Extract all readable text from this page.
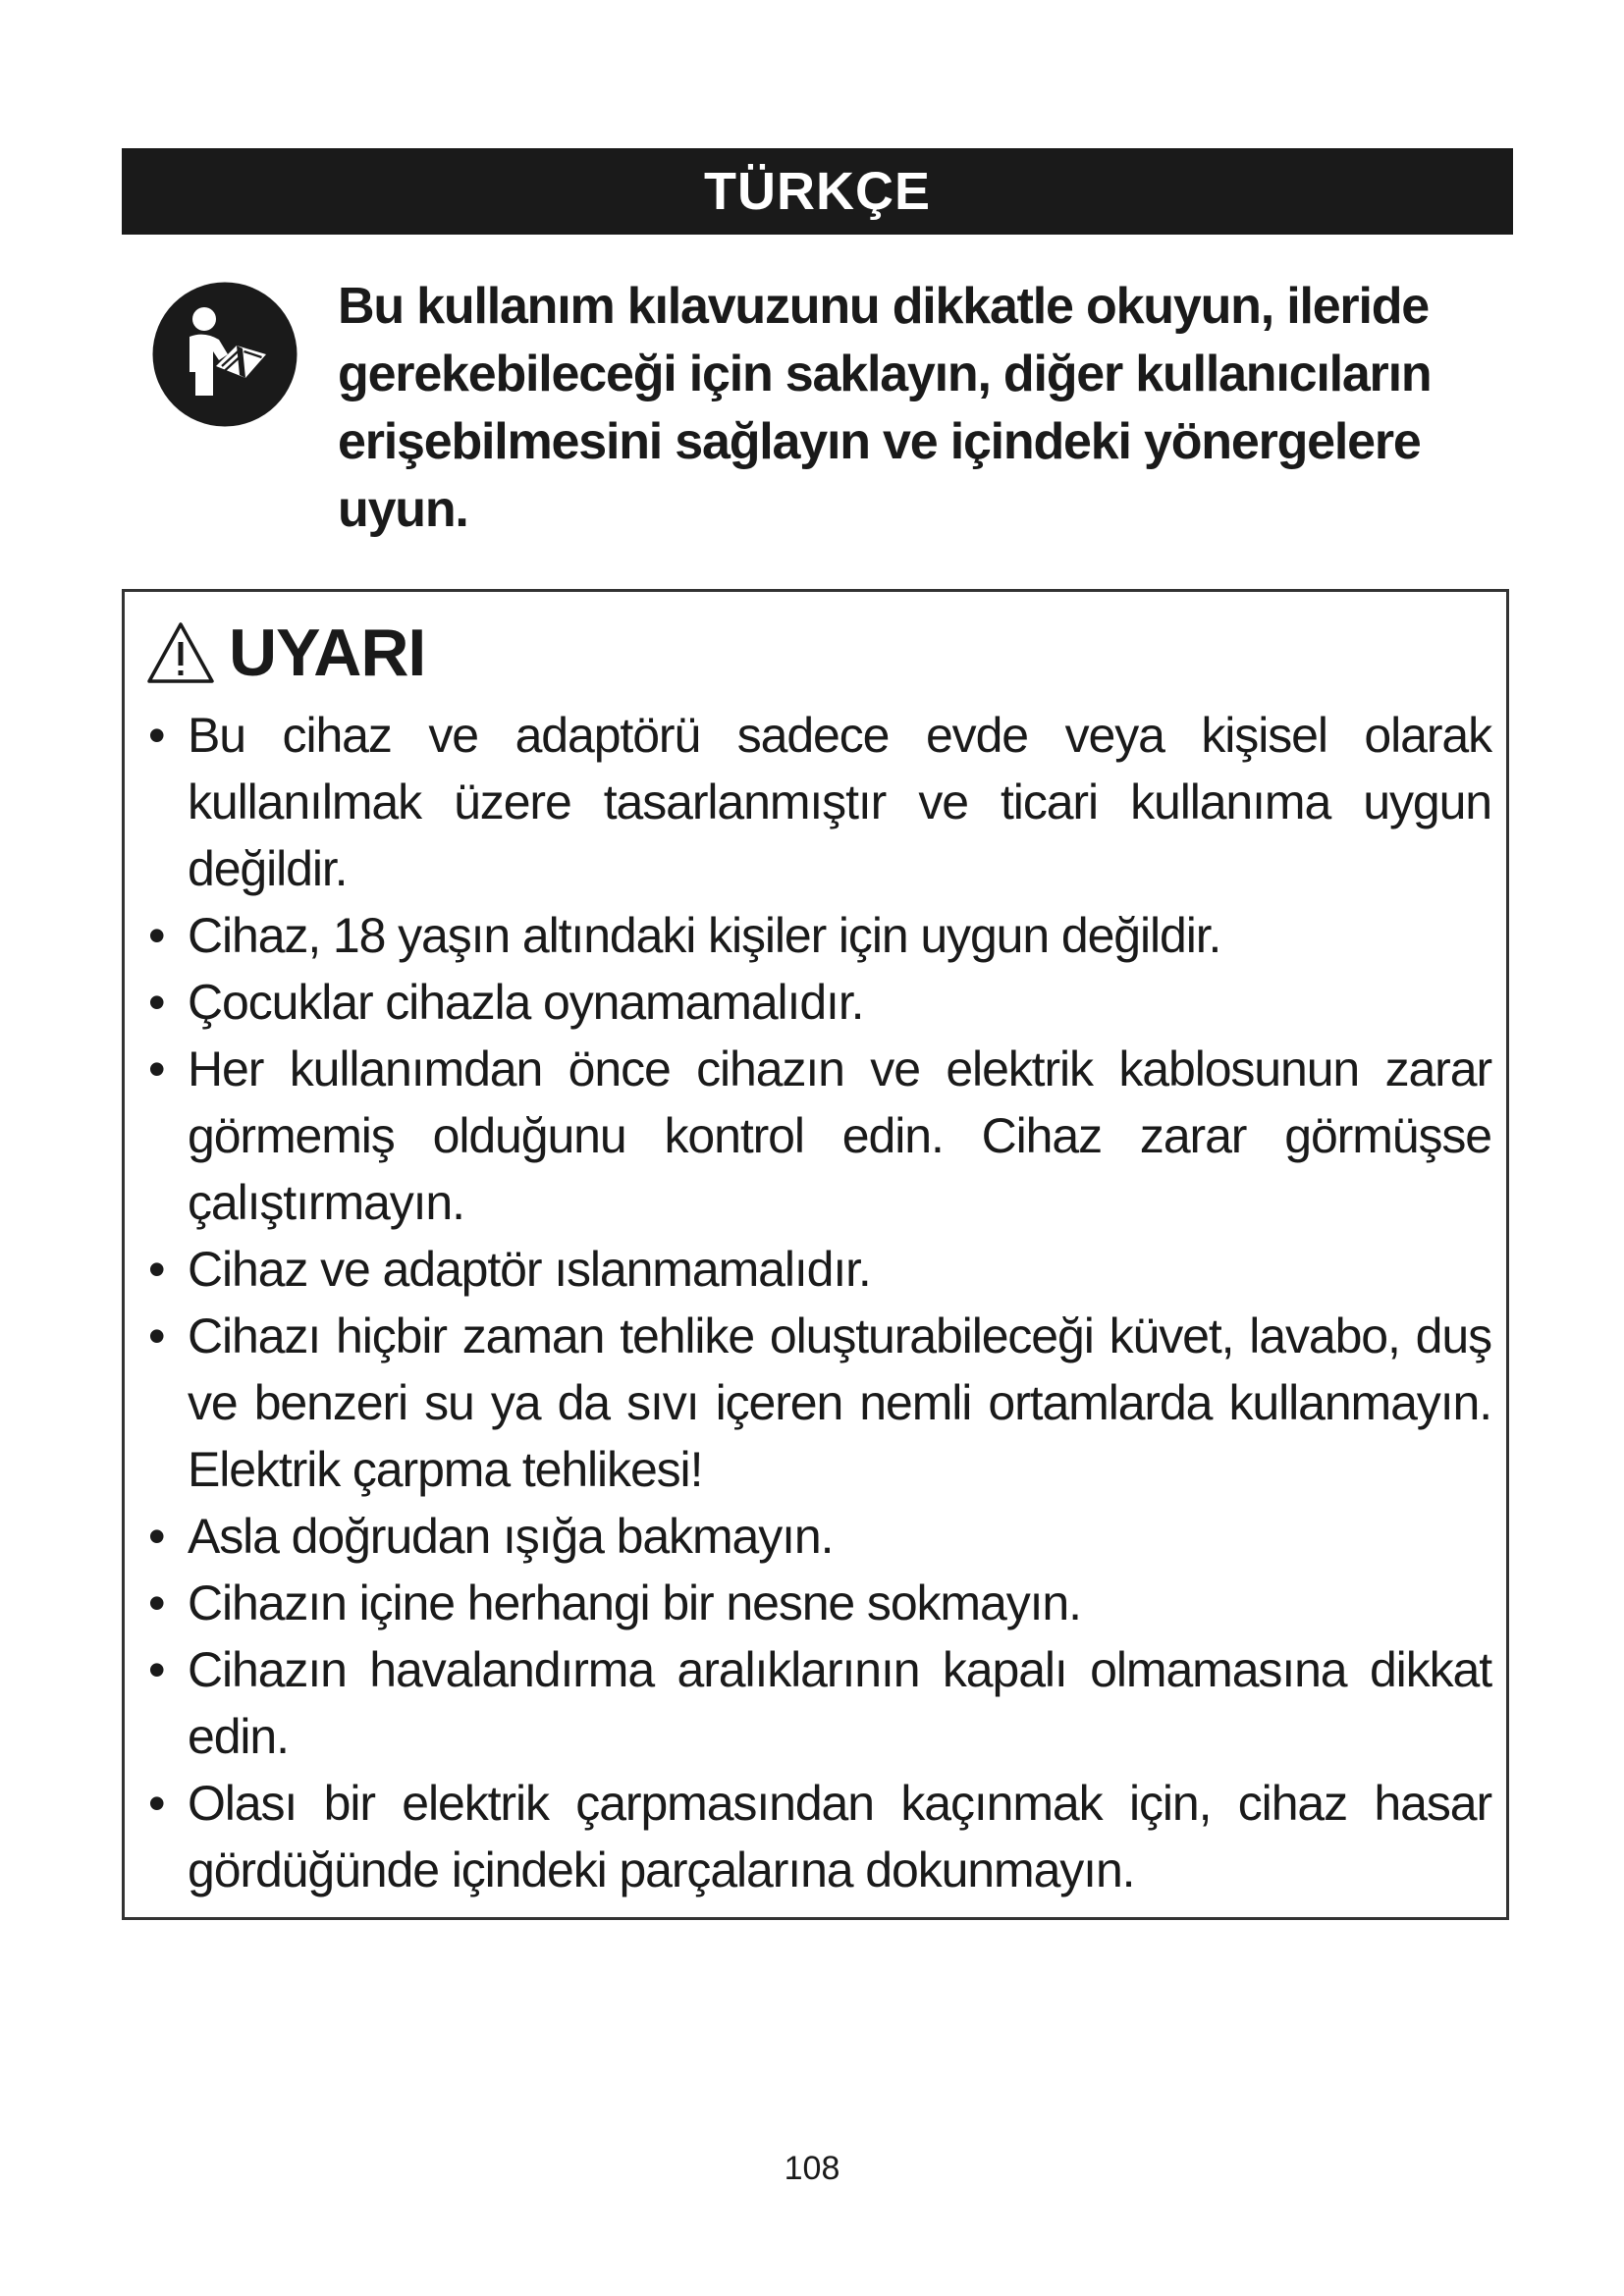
TÜRKÇE
Bu kullanım kılavuzunu dikkatle okuyun, ileride gerekebileceği için saklayın, diğer kullanıcıların erişebilmesini sağlayın ve içindeki yönergelere uyun.
UYARI
• Bu cihaz ve adaptörü sadece evde veya kişisel olarak kullanılmak üzere tasarlanmıştır ve ticari kullanıma uygun değildir.
• Cihaz, 18 yaşın altındaki kişiler için uygun değildir.
• Çocuklar cihazla oynamamalıdır.
• Her kullanımdan önce cihazın ve elektrik kablosunun zarar görmemiş olduğunu kontrol edin. Cihaz zarar görmüşse çalıştırmayın.
• Cihaz ve adaptör ıslanmamalıdır.
• Cihazı hiçbir zaman tehlike oluşturabileceği küvet, lavabo, duş ve benzeri su ya da sıvı içeren nemli ortamlarda kullanmayın. Elektrik çarpma tehlikesi!
• Asla doğrudan ışığa bakmayın.
• Cihazın içine herhangi bir nesne sokmayın.
• Cihazın havalandırma aralıklarının kapalı olmamasına dikkat edin.
• Olası bir elektrik çarpmasından kaçınmak için, cihaz hasar gördüğünde içindeki parçalarına dokunmayın.
108
